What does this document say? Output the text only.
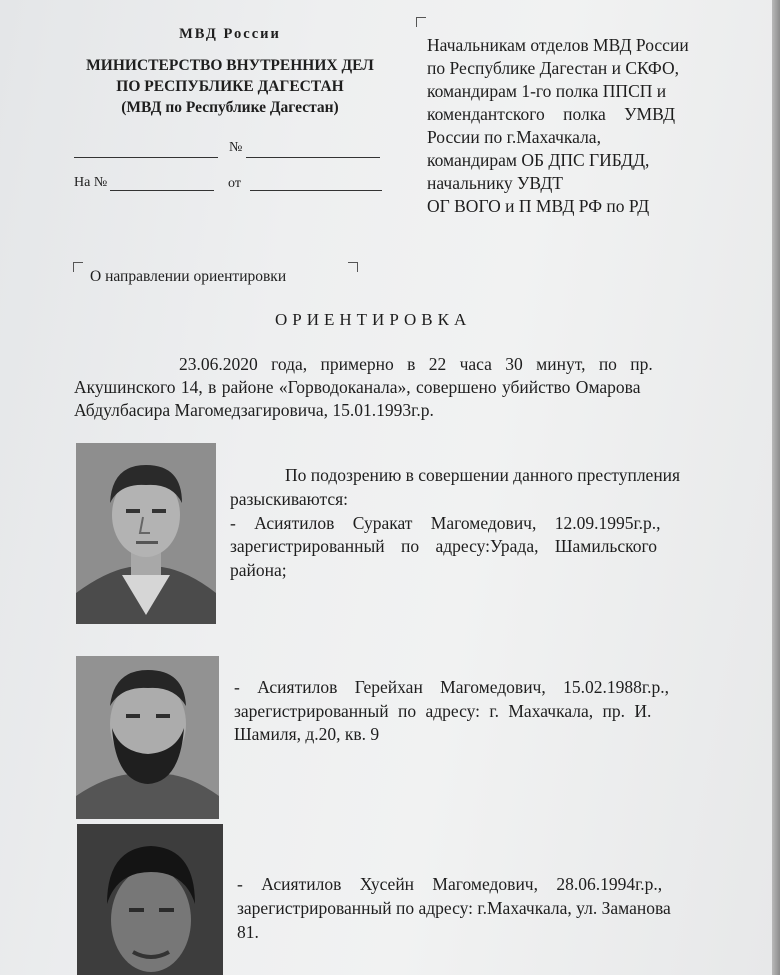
МВД России
МИНИСТЕРСТВО ВНУТРЕННИХ ДЕЛ
ПО РЕСПУБЛИКЕ ДАГЕСТАН
(МВД по Республике Дагестан)
№
На №	от
Начальникам отделов МВД России
по Республике Дагестан и СКФО,
командирам 1-го полка ППСП и
комендантского полка УМВД
России по г.Махачкала,
командирам ОБ ДПС ГИБДД,
начальнику УВДТ
ОГ ВОГО и П МВД РФ по РД
О направлении ориентировки
ОРИЕНТИРОВКА
23.06.2020 года, примерно в 22 часа 30 минут, по пр.
Акушинского 14, в районе «Горводоканала», совершено убийство Омарова
Абдулбасира Магомедзагировича, 15.01.1993г.р.
По подозрению в совершении данного преступления
разыскиваются:
- Асиятилов Суракат Магомедович, 12.09.1995г.р.,
зарегистрированный по адресу:Урада, Шамильского
района;
- Асиятилов Герейхан Магомедович, 15.02.1988г.р.,
зарегистрированный по адресу: г. Махачкала, пр. И.
Шамиля, д.20, кв. 9
- Асиятилов Хусейн Магомедович, 28.06.1994г.р.,
зарегистрированный по адресу: г.Махачкала, ул. Заманова
81.
